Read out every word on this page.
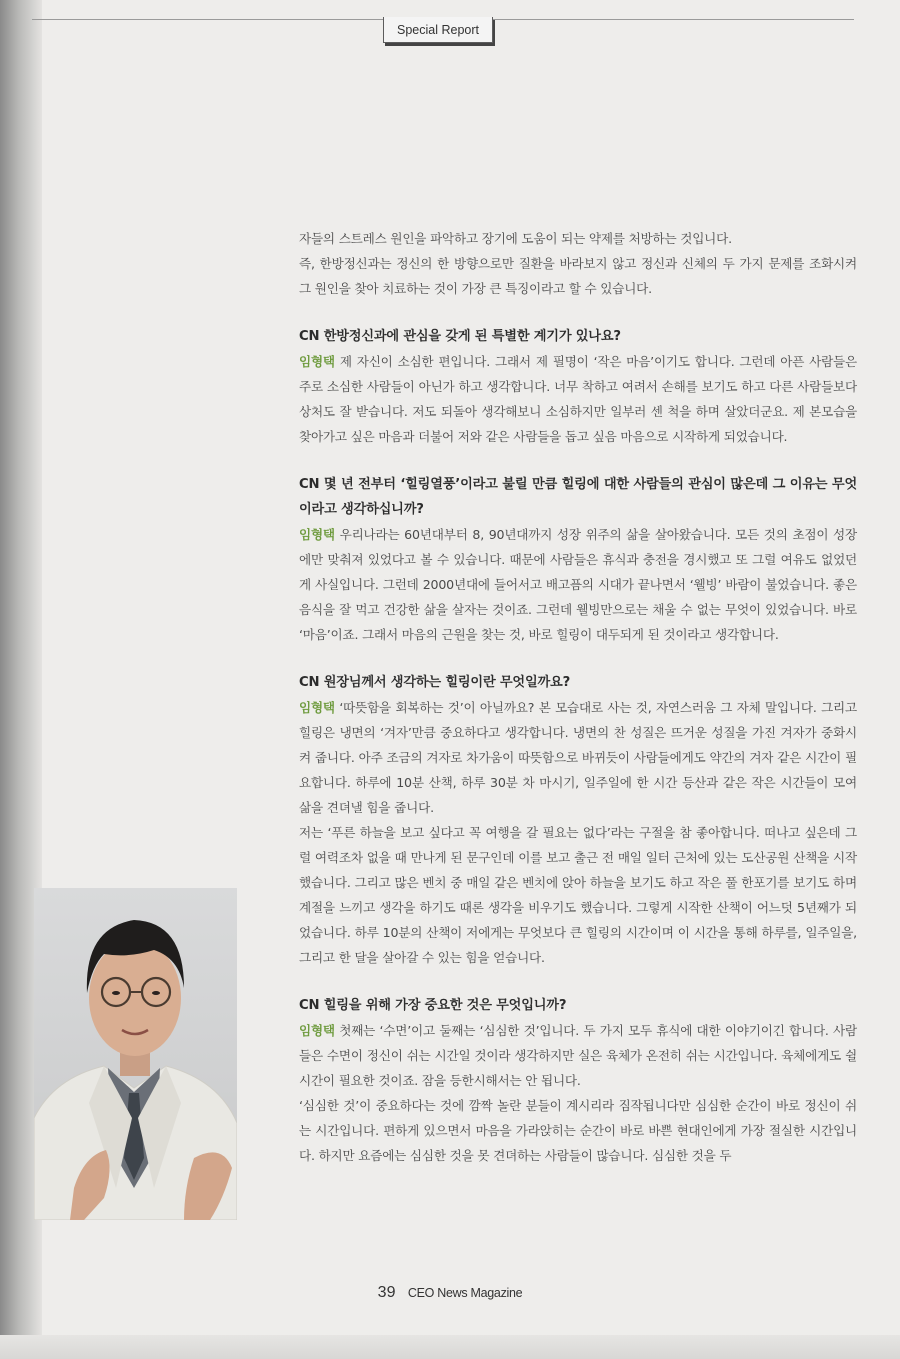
Special Report

자들의 스트레스 원인을 파악하고 장기에 도움이 되는 약제를 처방하는 것입니다.

즉, 한방정신과는 정신의 한 방향으로만 질환을 바라보지 않고 정신과 신체의 두 가지 문제를 조화시켜 그 원인을 찾아 치료하는 것이 가장 큰 특징이라고 할 수 있습니다.

CN 한방정신과에 관심을 갖게 된 특별한 계기가 있나요?

임형택 제 자신이 소심한 편입니다. 그래서 제 필명이 ‘작은 마음’이기도 합니다. 그런데 아픈 사람들은 주로 소심한 사람들이 아닌가 하고 생각합니다. 너무 착하고 여려서 손해를 보기도 하고 다른 사람들보다 상처도 잘 받습니다. 저도 되돌아 생각해보니 소심하지만 일부러 센 척을 하며 살았더군요. 제 본모습을 찾아가고 싶은 마음과 더불어 저와 같은 사람들을 돕고 싶음 마음으로 시작하게 되었습니다.

CN 몇 년 전부터 ‘힐링열풍’이라고 불릴 만큼 힐링에 대한 사람들의 관심이 많은데 그 이유는 무엇이라고 생각하십니까?

임형택 우리나라는 60년대부터 8, 90년대까지 성장 위주의 삶을 살아왔습니다. 모든 것의 초점이 성장에만 맞춰져 있었다고 볼 수 있습니다. 때문에 사람들은 휴식과 충전을 경시했고 또 그럴 여유도 없었던 게 사실입니다. 그런데 2000년대에 들어서고 배고픔의 시대가 끝나면서 ‘웰빙’ 바람이 불었습니다. 좋은 음식을 잘 먹고 건강한 삶을 살자는 것이죠. 그런데 웰빙만으로는 채울 수 없는 무엇이 있었습니다. 바로 ‘마음’이죠. 그래서 마음의 근원을 찾는 것, 바로 힐링이 대두되게 된 것이라고 생각합니다.

CN 원장님께서 생각하는 힐링이란 무엇일까요?

임형택 ‘따뜻함을 회복하는 것’이 아닐까요? 본 모습대로 사는 것, 자연스러움 그 자체 말입니다. 그리고 힐링은 냉면의 ‘겨자’만큼 중요하다고 생각합니다. 냉면의 찬 성질은 뜨거운 성질을 가진 겨자가 중화시켜 줍니다. 아주 조금의 겨자로 차가움이 따뜻함으로 바뀌듯이 사람들에게도 약간의 겨자 같은 시간이 필요합니다. 하루에 10분 산책, 하루 30분 차 마시기, 일주일에 한 시간 등산과 같은 작은 시간들이 모여 삶을 견뎌낼 힘을 줍니다.

저는 ‘푸른 하늘을 보고 싶다고 꼭 여행을 갈 필요는 없다’라는 구절을 참 좋아합니다. 떠나고 싶은데 그럴 여력조차 없을 때 만나게 된 문구인데 이를 보고 출근 전 매일 일터 근처에 있는 도산공원 산책을 시작했습니다. 그리고 많은 벤치 중 매일 같은 벤치에 앉아 하늘을 보기도 하고 작은 풀 한포기를 보기도 하며 계절을 느끼고 생각을 하기도 때론 생각을 비우기도 했습니다. 그렇게 시작한 산책이 어느덧 5년째가 되었습니다. 하루 10분의 산책이 저에게는 무엇보다 큰 힐링의 시간이며 이 시간을 통해 하루를, 일주일을, 그리고 한 달을 살아갈 수 있는 힘을 얻습니다.

CN 힐링을 위해 가장 중요한 것은 무엇입니까?

임형택 첫째는 ‘수면’이고 둘째는 ‘심심한 것’입니다. 두 가지 모두 휴식에 대한 이야기이긴 합니다. 사람들은 수면이 정신이 쉬는 시간일 것이라 생각하지만 실은 육체가 온전히 쉬는 시간입니다. 육체에게도 쉴 시간이 필요한 것이죠. 잠을 등한시해서는 안 됩니다.

‘심심한 것’이 중요하다는 것에 깜짝 놀란 분들이 계시리라 짐작됩니다만 심심한 순간이 바로 정신이 쉬는 시간입니다. 편하게 있으면서 마음을 가라앉히는 순간이 바로 바쁜 현대인에게 가장 절실한 시간입니다. 하지만 요즘에는 심심한 것을 못 견뎌하는 사람들이 많습니다. 심심한 것을 두

39 CEO News Magazine
